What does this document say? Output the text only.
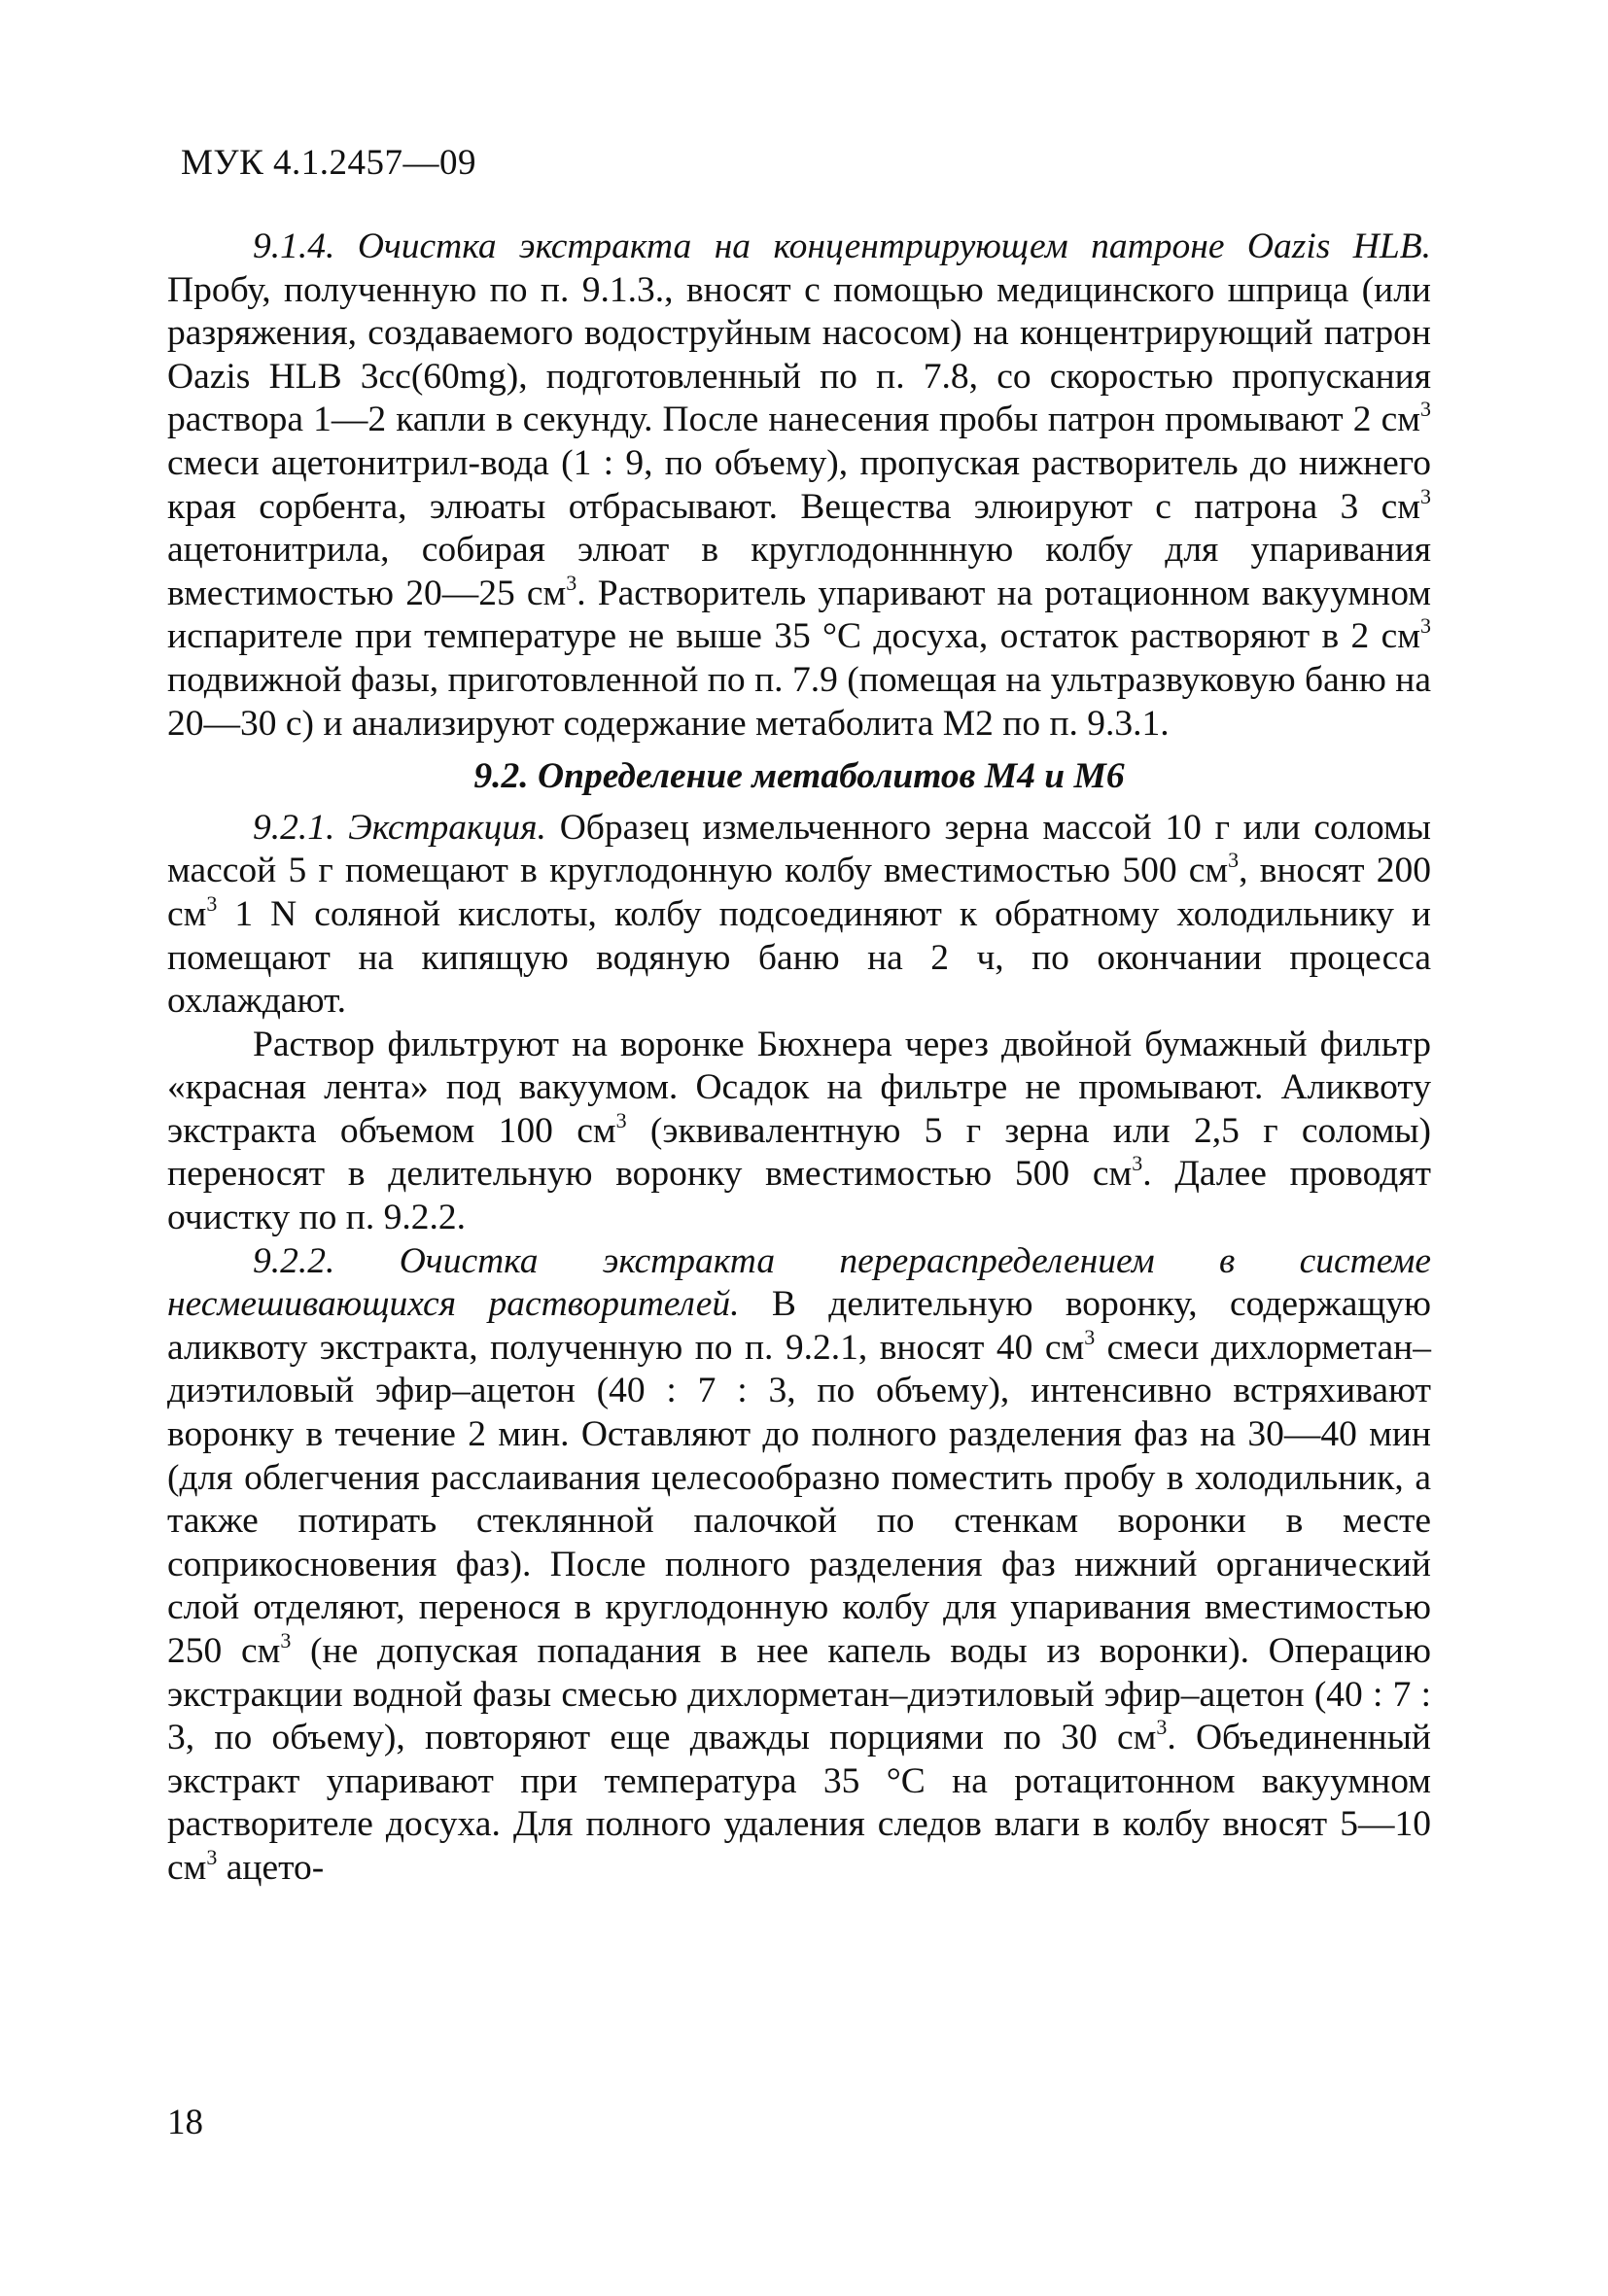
МУК 4.1.2457—09

9.1.4. Очистка экстракта на концентрирующем патроне Oazis HLB. Пробу, полученную по п. 9.1.3., вносят с помощью медицинского шприца (или разряжения, создаваемого водоструйным насосом) на концентрирующий патрон Oazis HLB 3cc(60mg), подготовленный по п. 7.8, со скоростью пропускания раствора 1—2 капли в секунду. После нанесения пробы патрон промывают 2 $см^3$ смеси ацетонитрил-вода (1 : 9, по объему), пропуская растворитель до нижнего края сорбента, элюаты отбрасывают. Вещества элюируют с патрона 3 $см^3$ ацетонитрила, собирая элюат в круглодонннную колбу для упаривания вместимостью 20—25 $см^3$. Растворитель упаривают на ротационном вакуумном испарителе при температуре не выше 35 °С досуха, остаток растворяют в 2 $см^3$ подвижной фазы, приготовленной по п. 7.9 (помещая на ультразвуковую баню на 20—30 с) и анализируют содержание метаболита М2 по п. 9.3.1.

9.2. Определение метаболитов М4 и М6

9.2.1. Экстракция. Образец измельченного зерна массой 10 г или соломы массой 5 г помещают в круглодонную колбу вместимостью 500 $см^3$, вносят 200 $см^3$ 1 N соляной кислоты, колбу подсоединяют к обратному холодильнику и помещают на кипящую водяную баню на 2 ч, по окончании процесса охлаждают.

Раствор фильтруют на воронке Бюхнера через двойной бумажный фильтр «красная лента» под вакуумом. Осадок на фильтре не промывают. Аликвоту экстракта объемом 100 $см^3$ (эквивалентную 5 г зерна или 2,5 г соломы) переносят в делительную воронку вместимостью 500 $см^3$. Далее проводят очистку по п. 9.2.2.

9.2.2. Очистка экстракта перераспределением в системе несмешивающихся растворителей. В делительную воронку, содержащую аликвоту экстракта, полученную по п. 9.2.1, вносят 40 $см^3$ смеси дихлорметан–диэтиловый эфир–ацетон (40 : 7 : 3, по объему), интенсивно встряхивают воронку в течение 2 мин. Оставляют до полного разделения фаз на 30—40 мин (для облегчения расслаивания целесообразно поместить пробу в холодильник, а также потирать стеклянной палочкой по стенкам воронки в месте соприкосновения фаз). После полного разделения фаз нижний органический слой отделяют, перенося в круглодонную колбу для упаривания вместимостью 250 $см^3$ (не допуская попадания в нее капель воды из воронки). Операцию экстракции водной фазы смесью дихлорметан–диэтиловый эфир–ацетон (40 : 7 : 3, по объему), повторяют еще дважды порциями по 30 $см^3$. Объединенный экстракт упаривают при температура 35 °С на ротацитонном вакуумном растворителе досуха. Для полного удаления следов влаги в колбу вносят 5—10 $см^3$ ацето-

18
